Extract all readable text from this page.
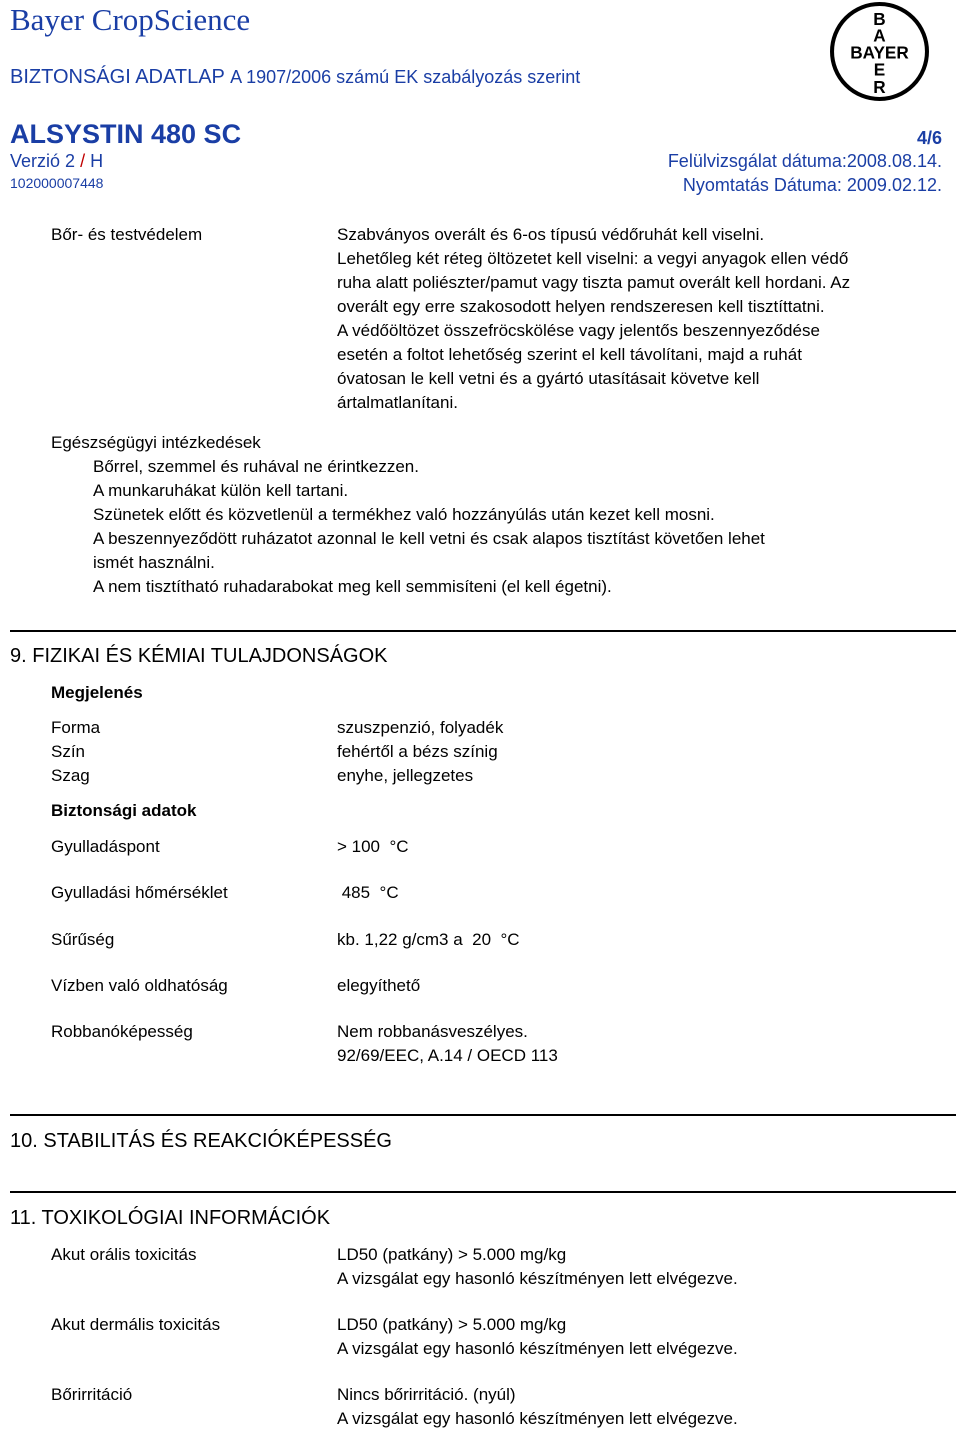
Bayer CropScience
BIZTONSÁGI ADATLAP A 1907/2006 számú EK szabályozás szerint
B
A
BAYER
E
R
ALSYSTIN 480 SC	4/6
Verzió 2 / H	Felülvizsgálat dátuma:2008.08.14.
102000007448	Nyomtatás Dátuma: 2009.02.12.
Bőr- és testvédelem	Szabványos overált és 6-os típusú védőruhát kell viselni.
Lehetőleg két réteg öltözetet kell viselni: a vegyi anyagok ellen védő
ruha alatt poliészter/pamut vagy tiszta pamut overált kell hordani. Az
overált egy erre szakosodott helyen rendszeresen kell tisztíttatni.
A védőöltözet összefröcskölése vagy jelentős beszennyeződése
esetén a foltot lehetőség szerint el kell távolítani, majd a ruhát
óvatosan le kell vetni és a gyártó utasításait követve kell
ártalmatlanítani.
Egészségügyi intézkedések
Bőrrel, szemmel és ruhával ne érintkezzen.
A munkaruhákat külön kell tartani.
Szünetek előtt és közvetlenül a termékhez való hozzányúlás után kezet kell mosni.
A beszennyeződött ruházatot azonnal le kell vetni és csak alapos tisztítást követően lehet
ismét használni.
A nem tisztítható ruhadarabokat meg kell semmisíteni (el kell égetni).
9. FIZIKAI ÉS KÉMIAI TULAJDONSÁGOK
Megjelenés
Forma	szuszpenzió, folyadék
Szín	fehértől a bézs színig
Szag	enyhe, jellegzetes
Biztonsági adatok
Gyulladáspont	> 100  °C
Gyulladási hőmérséklet	485  °C
Sűrűség	kb. 1,22 g/cm3 a  20  °C
Vízben való oldhatóság	elegyíthető
Robbanóképesség	Nem robbanásveszélyes.
92/69/EEC, A.14 / OECD 113
10. STABILITÁS ÉS REAKCIÓKÉPESSÉG
11. TOXIKOLÓGIAI INFORMÁCIÓK
Akut orális toxicitás	LD50 (patkány) > 5.000 mg/kg
A vizsgálat egy hasonló készítményen lett elvégezve.
Akut dermális toxicitás	LD50 (patkány) > 5.000 mg/kg
A vizsgálat egy hasonló készítményen lett elvégezve.
Bőrirritáció	Nincs bőrirritáció. (nyúl)
A vizsgálat egy hasonló készítményen lett elvégezve.
